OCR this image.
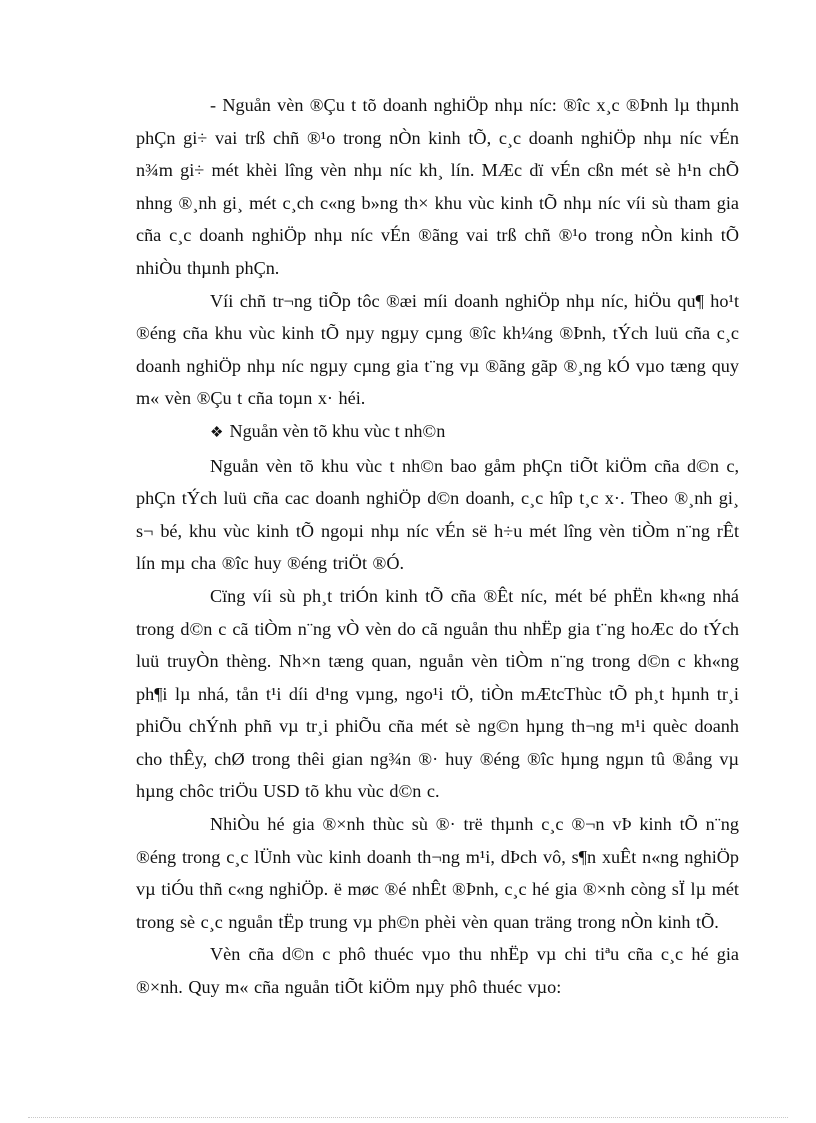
- Nguån vèn ®Çu t tõ doanh nghiÖp nhµ níc: ®îc x¸c ®Þnh lµ thµnh phÇn gi÷ vai trß chñ ®¹o trong nÒn kinh tÕ, c¸c doanh nghiÖp nhµ níc vÉn n¾m gi÷ mét khèi lîng vèn nhµ níc kh¸ lín. MÆc dï vÉn cßn mét sè h¹n chÕ nhng ®¸nh gi¸ mét c¸ch c«ng b»ng th× khu vùc kinh tÕ nhµ níc víi sù tham gia cña c¸c doanh nghiÖp nhµ níc vÉn ®ãng vai trß chñ ®¹o trong nÒn kinh tÕ nhiÒu thµnh phÇn.

Víi chñ tr¬ng tiÕp tôc ®æi míi doanh nghiÖp nhµ níc, hiÖu qu¶ ho¹t ®éng cña khu vùc kinh tÕ nµy ngµy cµng ®îc kh¼ng ®Þnh, tÝch luü cña c¸c doanh nghiÖp nhµ níc ngµy cµng gia t¨ng vµ ®ãng gãp ®¸ng kÓ vµo tæng quy m« vèn ®Çu t cña toµn x· héi.

❖ Nguån vèn tõ khu vùc t nh©n

Nguån vèn tõ khu vùc t nh©n bao gåm phÇn tiÕt kiÖm cña d©n c, phÇn tÝch luü cña cac doanh nghiÖp d©n doanh, c¸c hîp t¸c x·. Theo ®¸nh gi¸ s¬ bé, khu vùc kinh tÕ ngoµi nhµ níc vÉn së h÷u mét lîng vèn tiÒm n¨ng rÊt lín mµ cha ®îc huy ®éng triÖt ®Ó.

Cïng víi sù ph¸t triÓn kinh tÕ cña ®Êt níc, mét bé phËn kh«ng nhá trong d©n c cã tiÒm n¨ng vÒ vèn do cã nguån thu nhËp gia t¨ng hoÆc do tÝch luü truyÒn thèng. Nh×n tæng quan, nguån vèn tiÒm n¨ng trong d©n c kh«ng ph¶i lµ nhá, tån t¹i díi d¹ng vµng, ngo¹i tÖ, tiÒn mÆtcThùc tÕ ph¸t hµnh tr¸i phiÕu chÝnh phñ vµ tr¸i phiÕu cña mét sè ng©n hµng th¬ng m¹i quèc doanh cho thÊy, chØ trong thêi gian ng¾n ®· huy ®éng ®îc hµng ngµn tû ®ång vµ hµng chôc triÖu USD tõ khu vùc d©n c.

NhiÒu hé gia ®×nh thùc sù ®· trë thµnh c¸c ®¬n vÞ kinh tÕ n¨ng ®éng trong c¸c lÜnh vùc kinh doanh th¬ng m¹i, dÞch vô, s¶n xuÊt n«ng nghiÖp vµ tiÓu thñ c«ng nghiÖp. ë møc ®é nhÊt ®Þnh, c¸c hé gia ®×nh còng sÏ lµ mét trong sè c¸c nguån tËp trung vµ ph©n phèi vèn quan träng trong nÒn kinh tÕ.

Vèn cña d©n c phô thuéc vµo thu nhËp vµ chi tiªu cña c¸c hé gia ®×nh. Quy m« cña nguån tiÕt kiÖm nµy phô thuéc vµo:
